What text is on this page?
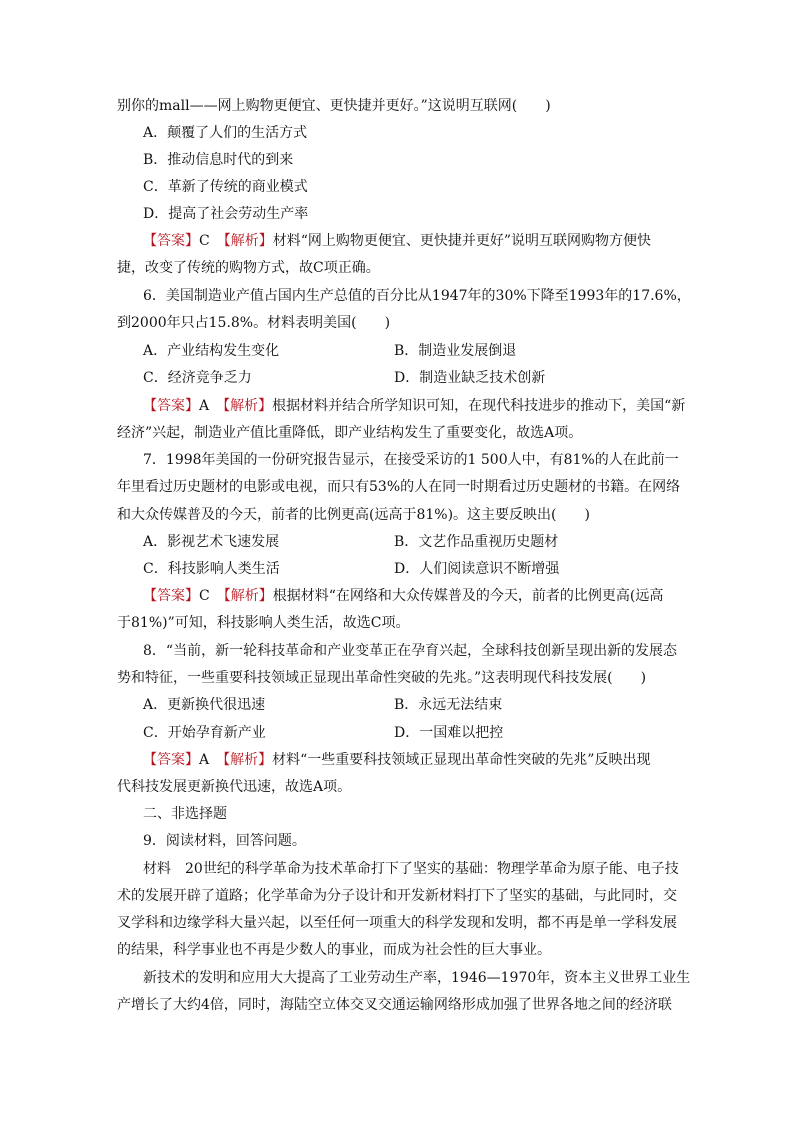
别你的mall——网上购物更便宜、更快捷并更好。”这说明互联网(　　)
A．颠覆了人们的生活方式
B．推动信息时代的到来
C．革新了传统的商业模式
D．提高了社会劳动生产率
【答案】C　【解析】材料“网上购物更便宜、更快捷并更好”说明互联网购物方便快
捷，改变了传统的购物方式，故C项正确。
6．美国制造业产值占国内生产总值的百分比从1947年的30%下降至1993年的17.6%，
到2000年只占15.8%。材料表明美国(　　)
A．产业结构发生变化	B．制造业发展倒退
C．经济竞争乏力	D．制造业缺乏技术创新
【答案】A　【解析】根据材料并结合所学知识可知，在现代科技进步的推动下，美国“新
经济”兴起，制造业产值比重降低，即产业结构发生了重要变化，故选A项。
7．1998年美国的一份研究报告显示，在接受采访的1 500人中，有81%的人在此前一
年里看过历史题材的电影或电视，而只有53%的人在同一时期看过历史题材的书籍。在网络
和大众传媒普及的今天，前者的比例更高(远高于81%)。这主要反映出(　　)
A．影视艺术飞速发展	B．文艺作品重视历史题材
C．科技影响人类生活	D．人们阅读意识不断增强
【答案】C　【解析】根据材料“在网络和大众传媒普及的今天，前者的比例更高(远高
于81%)”可知，科技影响人类生活，故选C项。
8．“当前，新一轮科技革命和产业变革正在孕育兴起，全球科技创新呈现出新的发展态
势和特征，一些重要科技领域正显现出革命性突破的先兆。”这表明现代科技发展(　　)
A．更新换代很迅速	B．永远无法结束
C．开始孕育新产业	D．一国难以把控
【答案】A　【解析】材料“一些重要科技领域正显现出革命性突破的先兆”反映出现
代科技发展更新换代迅速，故选A项。
二、非选择题
9．阅读材料，回答问题。
材料　20世纪的科学革命为技术革命打下了坚实的基础：物理学革命为原子能、电子技
术的发展开辟了道路；化学革命为分子设计和开发新材料打下了坚实的基础，与此同时，交
叉学科和边缘学科大量兴起，以至任何一项重大的科学发现和发明，都不再是单一学科发展
的结果，科学事业也不再是少数人的事业，而成为社会性的巨大事业。
新技术的发明和应用大大提高了工业劳动生产率，1946—1970年，资本主义世界工业生
产增长了大约4倍，同时，海陆空立体交叉交通运输网络形成加强了世界各地之间的经济联
